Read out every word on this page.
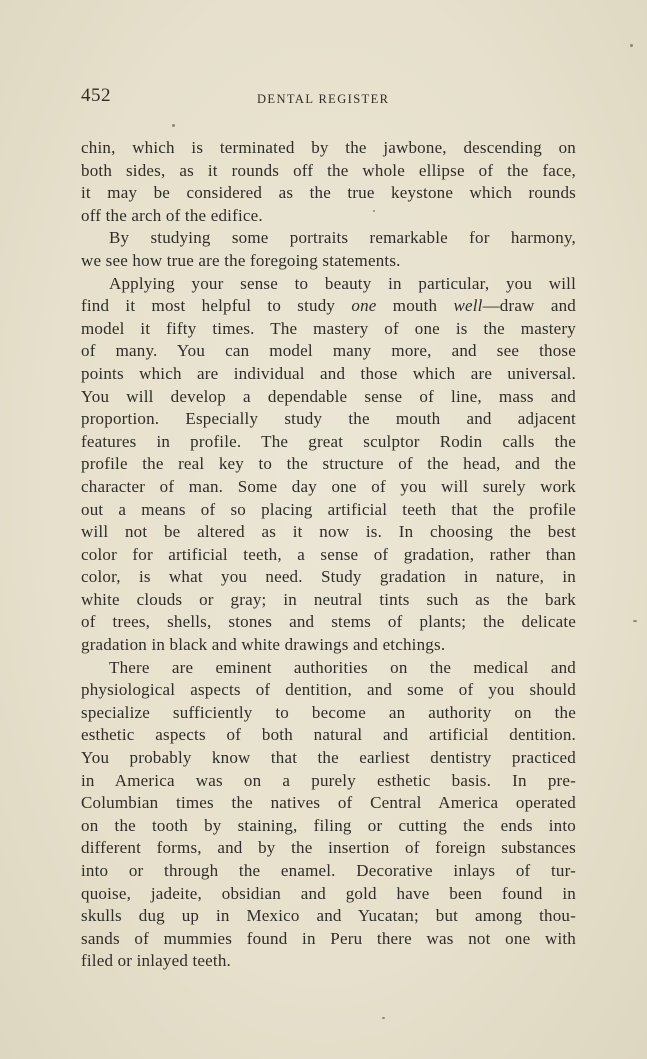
452	DENTAL REGISTER
chin, which is terminated by the jawbone, descending on
both sides, as it rounds off the whole ellipse of the face,
it may be considered as the true keystone which rounds
off the arch of the edifice.
By studying some portraits remarkable for harmony,
we see how true are the foregoing statements.
Applying your sense to beauty in particular, you will
find it most helpful to study one mouth well—draw and
model it fifty times. The mastery of one is the mastery
of many. You can model many more, and see those
points which are individual and those which are universal.
You will develop a dependable sense of line, mass and
proportion. Especially study the mouth and adjacent
features in profile. The great sculptor Rodin calls the
profile the real key to the structure of the head, and the
character of man. Some day one of you will surely work
out a means of so placing artificial teeth that the profile
will not be altered as it now is. In choosing the best
color for artificial teeth, a sense of gradation, rather than
color, is what you need. Study gradation in nature, in
white clouds or gray; in neutral tints such as the bark
of trees, shells, stones and stems of plants; the delicate
gradation in black and white drawings and etchings.
There are eminent authorities on the medical and
physiological aspects of dentition, and some of you should
specialize sufficiently to become an authority on the
esthetic aspects of both natural and artificial dentition.
You probably know that the earliest dentistry practiced
in America was on a purely esthetic basis. In pre-
Columbian times the natives of Central America operated
on the tooth by staining, filing or cutting the ends into
different forms, and by the insertion of foreign substances
into or through the enamel. Decorative inlays of tur-
quoise, jadeite, obsidian and gold have been found in
skulls dug up in Mexico and Yucatan; but among thou-
sands of mummies found in Peru there was not one with
filed or inlayed teeth.
